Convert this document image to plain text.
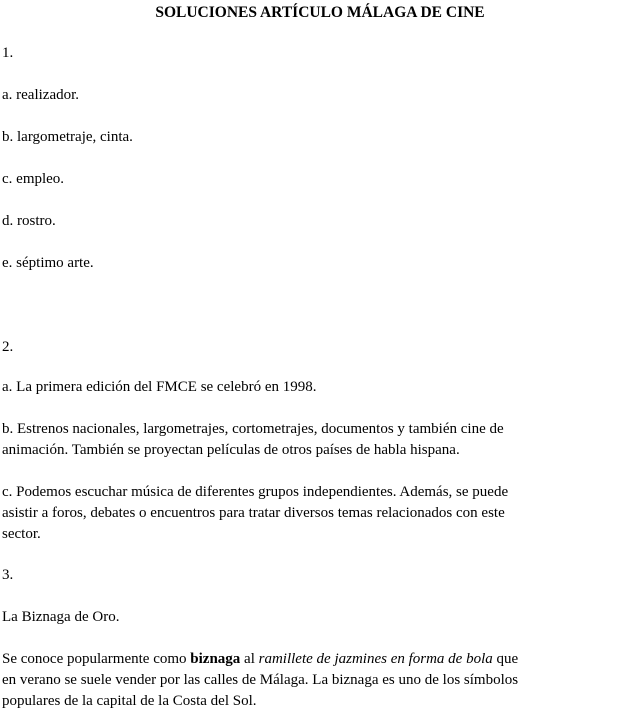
SOLUCIONES ARTÍCULO MÁLAGA DE CINE
1.
a. realizador.
b. largometraje, cinta.
c. empleo.
d. rostro.
e. séptimo arte.
2.
a. La primera edición del FMCE se celebró en 1998.
b. Estrenos nacionales, largometrajes, cortometrajes, documentos y también cine de
animación. También se proyectan películas de otros países de habla hispana.
c. Podemos escuchar música de diferentes grupos independientes. Además, se puede
asistir a foros, debates o encuentros para tratar diversos temas relacionados con este
sector.
3.
La Biznaga de Oro.
Se conoce popularmente como biznaga al ramillete de jazmines en forma de bola que
en verano se suele vender por las calles de Málaga. La biznaga es uno de los símbolos
populares de la capital de la Costa del Sol.
